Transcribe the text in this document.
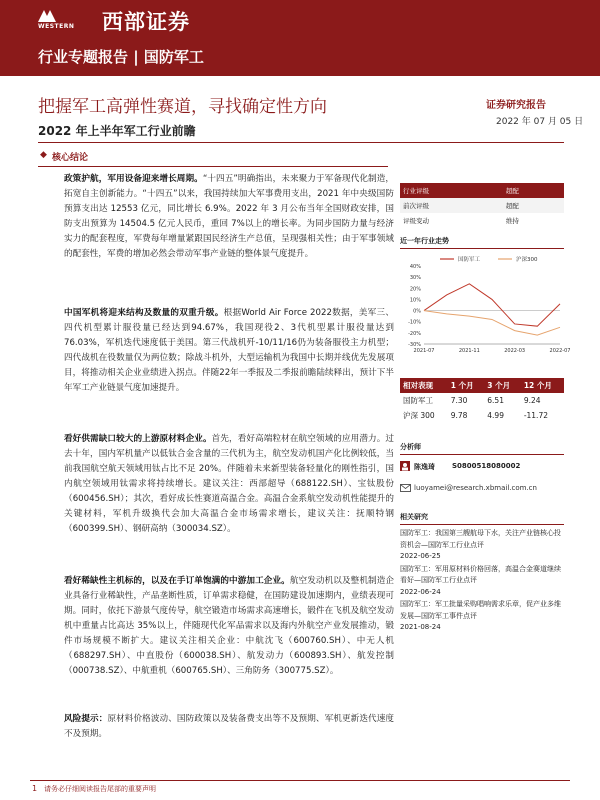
WESTERN 西部证券
行业专题报告 | 国防军工
把握军工高弹性赛道，寻找确定性方向
2022 年上半年军工行业前瞻
证券研究报告
2022 年 07 月 05 日
◆ 核心结论
政策护航，军用设备迎来增长周期。“十四五”明确指出，未来聚力于军备现代化制造，拓宽自主创新能力。“十四五”以来，我国持续加大军事费用支出，2021 年中央级国防预算支出达 12553 亿元，同比增长 6.9%。2022 年 3 月公布当年全国财政安排，国防支出预算为 14504.5 亿元人民币，重回 7%以上的增长率。为同步国防力量与经济实力的配套程度，军费每年增量紧跟国民经济生产总值，呈现强相关性；由于军事领域的配套性，军费的增加必然会带动军事产业链的整体景气度提升。
中国军机将迎来结构及数量的双重升级。根据World Air Force 2022数据，美军三、四代机型累计服役量已经达到94.67%，我国现役2、3代机型累计服役量达到76.03%，军机迭代速度低于美国。第三代战机歼-10/11/16仍为装备服役主力机型；四代战机在役数量仅为两位数；除战斗机外，大型运输机为我国中长期并线优先发展项目，将推动相关企业业绩进入拐点。伴随22年一季报及二季报前瞻陆续释出，预计下半年军工产业链景气度加速提升。
看好供需缺口较大的上游原材料企业。首先，看好高端粒材在航空领域的应用潜力。过去十年，国内军机量产以低钛合金含量的三代机为主，航空发动机国产化比例较低，当前我国航空航天领域用钛占比不足 20%。伴随着未来新型装备轻量化的刚性指引，国内航空领域用钛需求将持续增长。建议关注：西部超导（688122.SH）、宝钛股份（600456.SH）；其次，看好成长性赛道高温合金。高温合金系航空发动机性能提升的关键材料，军机升级换代会加大高温合金市场需求增长，建议关注：抚顺特钢（600399.SH）、钢研高纳（300034.SZ）。
看好稀缺性主机标的，以及在手订单饱满的中游加工企业。航空发动机以及整机制造企业具备行业稀缺性，产品垄断性质，订单需求稳健，在国防建设加速期内，业绩表现可期。同时，依托下游景气度传导，航空锻造市场需求高速增长，锻件在飞机及航空发动机中重量占比高达 35%以上，伴随现代化军品需求以及海内外航空产业发展推动，锻件市场规模不断扩大。建议关注相关企业：中航沈飞（600760.SH）、中无人机（688297.SH）、中直股份（600038.SH）、航发动力（600893.SH）、航发控制（000738.SZ）、中航重机（600765.SH）、三角防务（300775.SZ）。
风险提示：原材料价格波动、国防政策以及装备费支出等不及预期、军机更新迭代速度不及预期。
行业评级	超配
前次评级	超配
评级变动	维持
近一年行业走势
国防军工	沪深300
-30%
-20%
-10%
0%
10%
20%
30%
40%
2021-07	2021-11	2022-03	2022-07
相对表现	1 个月	3 个月	12 个月
国防军工	7.30	6.51	9.24
沪深 300	9.78	4.99	-11.72
分析师
陈逸琦 S0800518080002
luoyamei@research.xbmail.com.cn
相关研究
国防军工：我国第三艘航母下水，关注产业链核心投资机会—国防军工行业点评
2022-06-25
国防军工：军用原材料价格回落，高温合金赛道继续看好—国防军工行业点评
2022-06-24
国防军工：军工批量采购唱响需求乐章，促产业多维发展—国防军工事件点评
2021-08-24
1 请务必仔细阅读报告尾部的重要声明
